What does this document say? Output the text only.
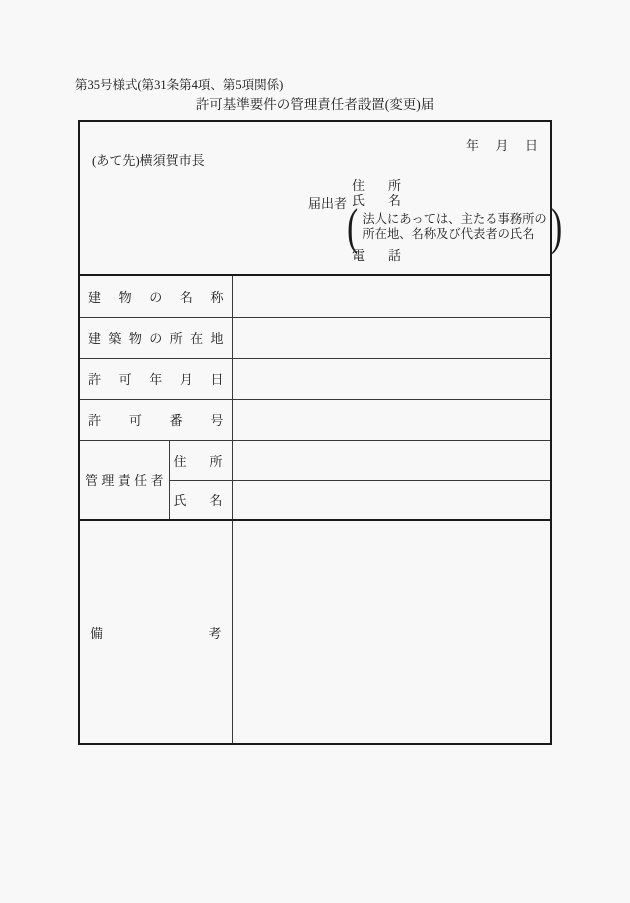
第35号様式(第31条第4項、第5項関係)
許可基準要件の管理責任者設置(変更)届
年月日
(あて先)横須賀市長
届出者
住所
氏名
( 法人にあっては、主たる事務所の
所在地、名称及び代表者の氏名 )
電話
建物の名称		

建築物の所在地		

許可年月日		

許可番号		

管理責任者	住所	

	氏名	

備考		
